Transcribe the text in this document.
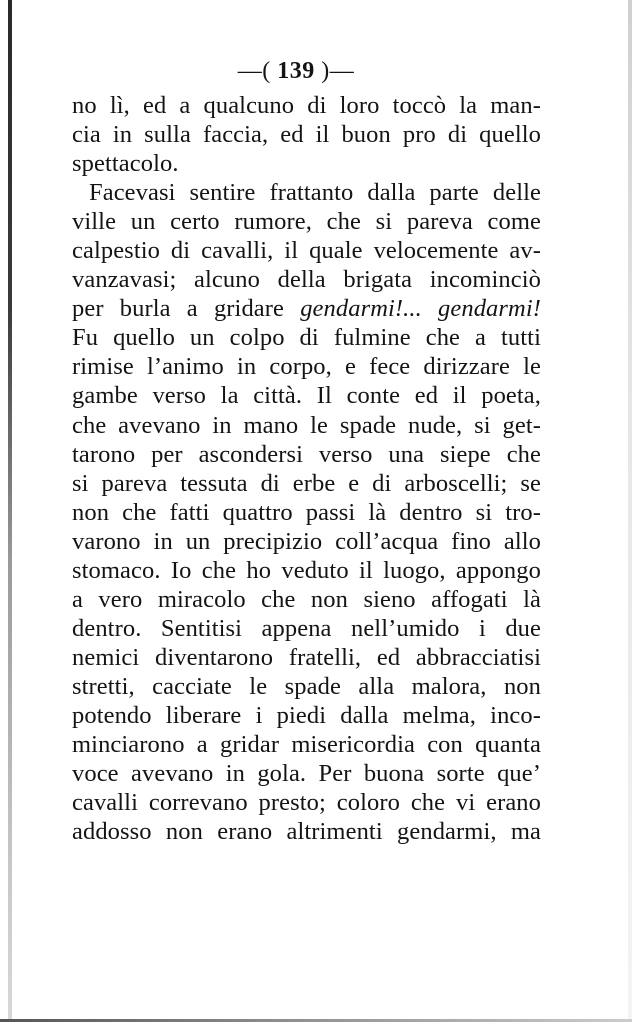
—( 139 )—
no lì, ed a qualcuno di loro toccò la man-
cia in sulla faccia, ed il buon pro di quello
spettacolo.
Facevasi sentire frattanto dalla parte delle
ville un certo rumore, che si pareva come
calpestio di cavalli, il quale velocemente av-
vanzavasi; alcuno della brigata incominciò
per burla a gridare gendarmi!... gendarmi!
Fu quello un colpo di fulmine che a tutti
rimise l’animo in corpo, e fece dirizzare le
gambe verso la città. Il conte ed il poeta,
che avevano in mano le spade nude, si get-
tarono per ascondersi verso una siepe che
si pareva tessuta di erbe e di arboscelli; se
non che fatti quattro passi là dentro si tro-
varono in un precipizio coll’acqua fino allo
stomaco. Io che ho veduto il luogo, appongo
a vero miracolo che non sieno affogati là
dentro. Sentitisi appena nell’umido i due
nemici diventarono fratelli, ed abbracciatisi
stretti, cacciate le spade alla malora, non
potendo liberare i piedi dalla melma, inco-
minciarono a gridar misericordia con quanta
voce avevano in gola. Per buona sorte que’
cavalli correvano presto; coloro che vi erano
addosso non erano altrimenti gendarmi, ma
